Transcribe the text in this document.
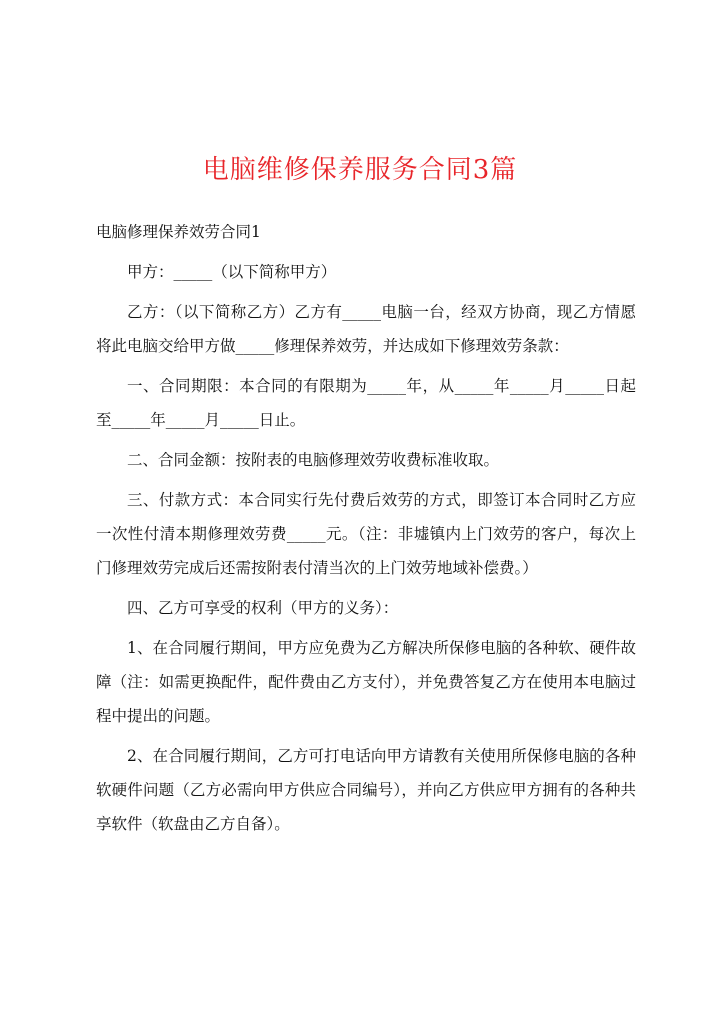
电脑维修保养服务合同3篇

电脑修理保养效劳合同1

甲方：_____（以下简称甲方）

乙方：（以下简称乙方）乙方有_____电脑一台，经双方协商，现乙方情愿将此电脑交给甲方做_____修理保养效劳，并达成如下修理效劳条款：

一、合同期限：本合同的有限期为_____年，从_____年_____月_____日起至_____年_____月_____日止。

二、合同金额：按附表的电脑修理效劳收费标准收取。

三、付款方式：本合同实行先付费后效劳的方式，即签订本合同时乙方应一次性付清本期修理效劳费_____元。（注：非墟镇内上门效劳的客户，每次上门修理效劳完成后还需按附表付清当次的上门效劳地域补偿费。）

四、乙方可享受的权利（甲方的义务）：

1、在合同履行期间，甲方应免费为乙方解决所保修电脑的各种软、硬件故障（注：如需更换配件，配件费由乙方支付），并免费答复乙方在使用本电脑过程中提出的问题。

2、在合同履行期间，乙方可打电话向甲方请教有关使用所保修电脑的各种软硬件问题（乙方必需向甲方供应合同编号），并向乙方供应甲方拥有的各种共享软件（软盘由乙方自备）。
